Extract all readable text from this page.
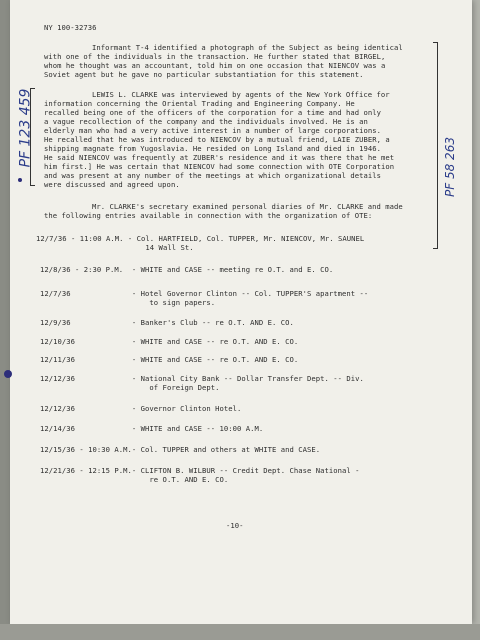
NY 100-32736
Informant T-4 identified a photograph of the Subject as being identical
with one of the individuals in the transaction. He further stated that BIRGEL,
whom he thought was an accountant, told him on one occasion that NIENCOV was a
Soviet agent but he gave no particular substantiation for this statement.
LEWIS L. CLARKE was interviewed by agents of the New York Office for
information concerning the Oriental Trading and Engineering Company. He
recalled being one of the officers of the corporation for a time and had only
a vague recollection of the company and the individuals involved. He is an
elderly man who had a very active interest in a number of large corporations.
He recalled that he was introduced to NIENCOV by a mutual friend, LAIE ZUBER, a
shipping magnate from Yugoslavia. He resided on Long Island and died in 1946.
He said NIENCOV was frequently at ZUBER's residence and it was there that he met
him first.] He was certain that NIENCOV had some connection with OTE Corporation
and was present at any number of the meetings at which organizational details
were discussed and agreed upon.
Mr. CLARKE's secretary examined personal diaries of Mr. CLARKE and made
the following entries available in connection with the organization of OTE:
12/7/36 - 11:00 A.M. - Col. HARTFIELD, Col. TUPPER, Mr. NIENCOV, Mr. SAUNEL
14 Wall St.
12/8/36 - 2:30 P.M.  - WHITE and CASE -- meeting re O.T. and E. CO.
12/7/36              - Hotel Governor Clinton -- Col. TUPPER'S apartment --
to sign papers.
12/9/36              - Banker's Club -- re O.T. AND E. CO.
12/10/36             - WHITE and CASE -- re O.T. AND E. CO.
12/11/36             - WHITE and CASE -- re O.T. AND E. CO.
12/12/36             - National City Bank -- Dollar Transfer Dept. -- Div.
of Foreign Dept.
12/12/36             - Governor Clinton Hotel.
12/14/36             - WHITE and CASE -- 10:00 A.M.
12/15/36 - 10:30 A.M.- Col. TUPPER and others at WHITE and CASE.
12/21/36 - 12:15 P.M.- CLIFTON B. WILBUR -- Credit Dept. Chase National -
re O.T. AND E. CO.
-10-
PF 123 459	PF 58 263
